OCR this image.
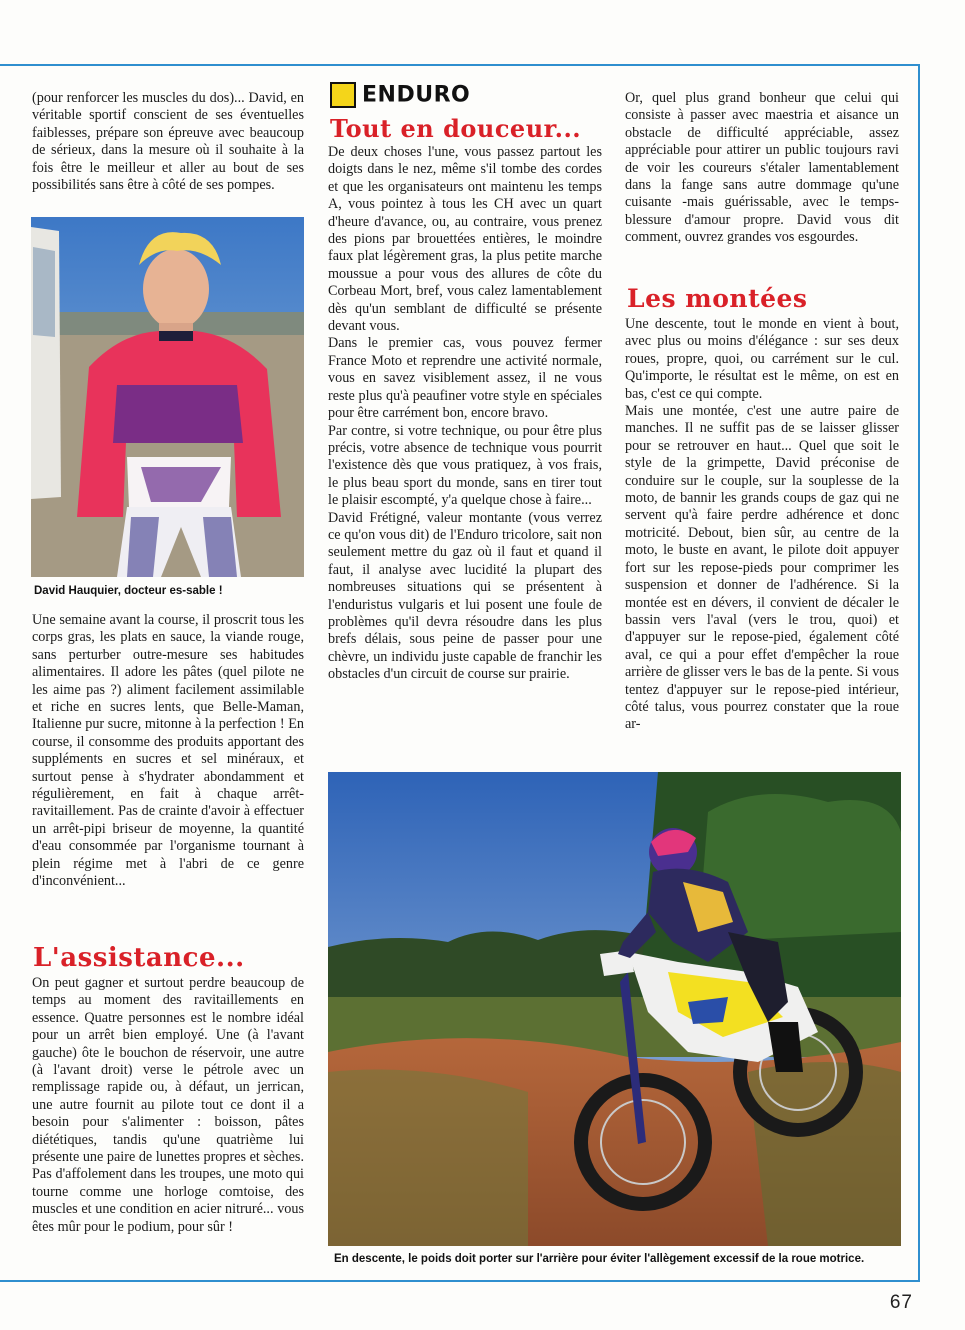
(pour renforcer les muscles du dos)... David, en véritable sportif conscient de ses éventuelles faiblesses, prépare son épreuve avec beaucoup de sérieux, dans la mesure où il souhaite à la fois être le meilleur et aller au bout de ses possibilités sans être à côté de ses pompes.

David Hauquier, docteur es-sable !

Une semaine avant la course, il proscrit tous les corps gras, les plats en sauce, la viande rouge, sans perturber outre-mesure ses habitudes alimentaires. Il adore les pâtes (quel pilote ne les aime pas ?) aliment facilement assimilable et riche en sucres lents, que Belle-Maman, Italienne pur sucre, mitonne à la perfection ! En course, il consomme des produits apportant des suppléments en sucres et sel minéraux, et surtout pense à s'hydrater abondamment et régulièrement, en fait à chaque arrêt-ravitaillement. Pas de crainte d'avoir à effectuer un arrêt-pipi briseur de moyenne, la quantité d'eau consommée par l'organisme tournant à plein régime met à l'abri de ce genre d'inconvénient...

L'assistance...

On peut gagner et surtout perdre beaucoup de temps au moment des ravitaillements en essence. Quatre personnes est le nombre idéal pour un arrêt bien employé. Une (à l'avant gauche) ôte le bouchon de réservoir, une autre (à l'avant droit) verse le pétrole avec un remplissage rapide ou, à défaut, un jerrican, une autre fournit au pilote tout ce dont il a besoin pour s'alimenter : boisson, pâtes diététiques, tandis qu'une quatrième lui présente une paire de lunettes propres et sèches. Pas d'affolement dans les troupes, une moto qui tourne comme une horloge comtoise, des muscles et une condition en acier nitruré... vous êtes mûr pour le podium, pour sûr !

ENDURO
Tout en douceur...

De deux choses l'une, vous passez partout les doigts dans le nez, même s'il tombe des cordes et que les organisateurs ont maintenu les temps A, vous pointez à tous les CH avec un quart d'heure d'avance, ou, au contraire, vous prenez des pions par brouettées entières, le moindre faux plat légèrement gras, la plus petite marche moussue a pour vous des allures de côte du Corbeau Mort, bref, vous calez lamentablement dès qu'un semblant de difficulté se présente devant vous.

Dans le premier cas, vous pouvez fermer France Moto et reprendre une activité normale, vous en savez visiblement assez, il ne vous reste plus qu'à peaufiner votre style en spéciales pour être carrément bon, encore bravo.

Par contre, si votre technique, ou pour être plus précis, votre absence de technique vous pourrit l'existence dès que vous pratiquez, à vos frais, le plus beau sport du monde, sans en tirer tout le plaisir escompté, y'a quelque chose à faire...

David Frétigné, valeur montante (vous verrez ce qu'on vous dit) de l'Enduro tricolore, sait non seulement mettre du gaz où il faut et quand il faut, il analyse avec lucidité la plupart des nombreuses situations qui se présentent à l'enduristus vulgaris et lui posent une foule de problèmes qu'il devra résoudre dans les plus brefs délais, sous peine de passer pour une chèvre, un individu juste capable de franchir les obstacles d'un circuit de course sur prairie.

Or, quel plus grand bonheur que celui qui consiste à passer avec maestria et aisance un obstacle de difficulté appréciable, assez appréciable pour attirer un public toujours ravi de voir les coureurs s'étaler lamentablement dans la fange sans autre dommage qu'une cuisante -mais guérissable, avec le temps- blessure d'amour propre. David vous dit comment, ouvrez grandes vos esgourdes.

Les montées

Une descente, tout le monde en vient à bout, avec plus ou moins d'élégance : sur ses deux roues, propre, quoi, ou carrément sur le cul. Qu'importe, le résultat est le même, on est en bas, c'est ce qui compte.

Mais une montée, c'est une autre paire de manches. Il ne suffit pas de se laisser glisser pour se retrouver en haut... Quel que soit le style de la grimpette, David préconise de conduire sur le couple, sur la souplesse de la moto, de bannir les grands coups de gaz qui ne servent qu'à faire perdre adhérence et donc motricité. Debout, bien sûr, au centre de la moto, le buste en avant, le pilote doit appuyer fort sur les repose-pieds pour comprimer les suspension et donner de l'adhérence. Si la montée est en dévers, il convient de décaler le bassin vers l'aval (vers le trou, quoi) et d'appuyer sur le repose-pied, également côté aval, ce qui a pour effet d'empêcher la roue arrière de glisser vers le bas de la pente. Si vous tentez d'appuyer sur le repose-pied intérieur, côté talus, vous pourrez constater que la roue ar-

En descente, le poids doit porter sur l'arrière pour éviter l'allègement excessif de la roue motrice.
67
